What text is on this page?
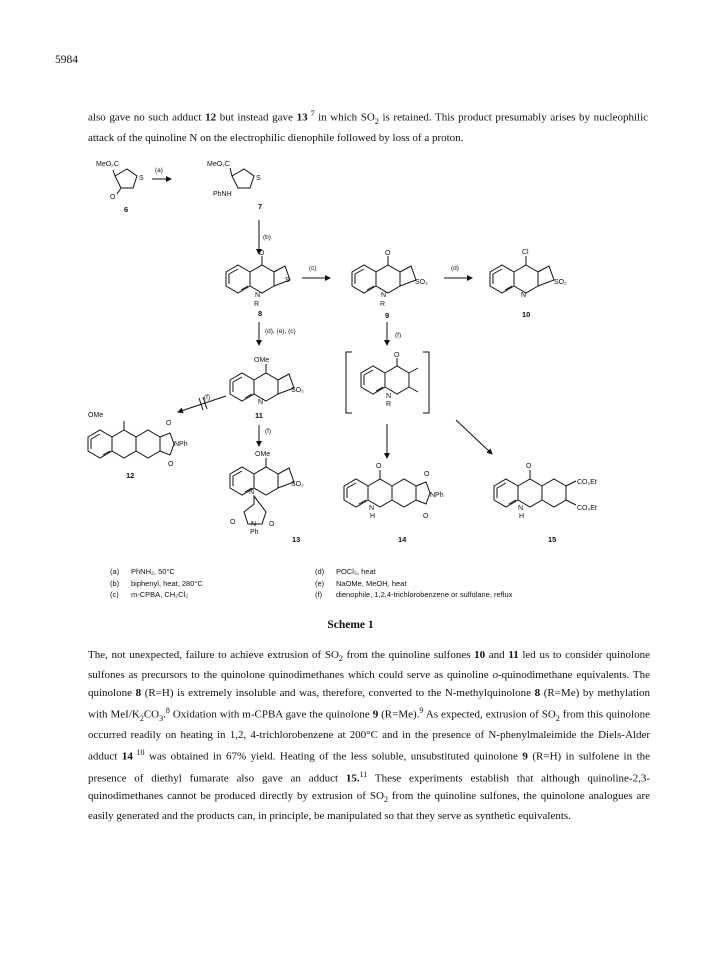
5984
also gave no such adduct 12 but instead gave 13 $^7$ in which $SO_2$ is retained. This product presumably arises by nucleophilic attack of the quinoline N on the electrophilic dienophile followed by loss of a proton.
MeO₂C
S
O
6
(a)
MeO₂C
S
PhNH
7
(b)
O
S
N
R
8
(c)
O
SO₂
N
R
9
(d)
Cl
SO₂
N
10
(d), (e), (c)
(f)
OMe
SO₂
N
11
O
N
R
(f)
OMe
O
NPh
O
12
(f)
OMe
SO₂
N
O N O
Ph
13
O
O
NPh
N
H	O
14
O
CO₂Et
CO₂Et
N
H
15
(a)	PhNH₂, 50°C
(b)	biphenyl, heat, 280°C
(c)	m-CPBA, CH₂Cl₂
(d)	POCl₃, heat
(e)	NaOMe, MeOH, heat
(f)	dienophile, 1,2,4-trichlorobenzene or sulfolane, reflux
Scheme 1
The, not unexpected, failure to achieve extrusion of $SO_2$ from the quinoline sulfones 10 and 11 led us to consider quinolone sulfones as precursors to the quinolone quinodimethanes which could serve as quinoline o-quinodimethane equivalents. The quinolone 8 (R=H) is extremely insoluble and was, therefore, converted to the N-methylquinolone 8 (R=Me) by methylation with MeI/$K_2CO_3.^8$ Oxidation with m-CPBA gave the quinolone 9 (R=Me).$^9$ As expected, extrusion of $SO_2$ from this quinolone occurred readily on heating in 1,2, 4-trichlorobenzene at 200°C and in the presence of N-phenylmaleimide the Diels-Alder adduct 14 $^{10}$ was obtained in 67% yield. Heating of the less soluble, unsubstituted quinolone 9 (R=H) in sulfolene in the presence of diethyl fumarate also gave an adduct 15.11 These experiments establish that although quinoline-2,3-quinodimethanes cannot be produced directly by extrusion of $SO_2$ from the quinoline sulfones, the quinolone analogues are easily generated and the products can, in principle, be manipulated so that they serve as synthetic equivalents.
